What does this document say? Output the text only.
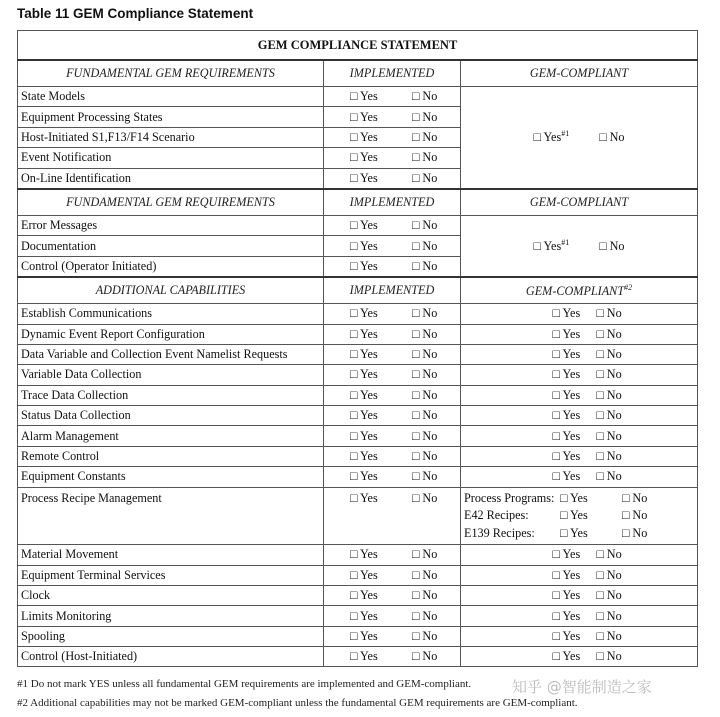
Table 11 GEM Compliance Statement
GEM COMPLIANCE STATEMENT		
FUNDAMENTAL GEM REQUIREMENTS	IMPLEMENTED	GEM-COMPLIANT
State Models	□ Yes □ No	□ Yes$^{\#1}$ □ No
Equipment Processing States	□ Yes □ No	
Host-Initiated S1,F13/F14 Scenario	□ Yes □ No	
Event Notification	□ Yes □ No	
On-Line Identification	□ Yes □ No	
FUNDAMENTAL GEM REQUIREMENTS	IMPLEMENTED	GEM-COMPLIANT
Error Messages	□ Yes □ No	□ Yes$^{\#1}$ □ No
Documentation	□ Yes □ No	
Control (Operator Initiated)	□ Yes □ No	
ADDITIONAL CAPABILITIES	IMPLEMENTED	GEM-COMPLIANT$^{\#2}$
Establish Communications	□ Yes □ No	□ Yes □ No
Dynamic Event Report Configuration	□ Yes □ No	□ Yes □ No
Data Variable and Collection Event Namelist Requests	□ Yes □ No	□ Yes □ No
Variable Data Collection	□ Yes □ No	□ Yes □ No
Trace Data Collection	□ Yes □ No	□ Yes □ No
Status Data Collection	□ Yes □ No	□ Yes □ No
Alarm Management	□ Yes □ No	□ Yes □ No
Remote Control	□ Yes □ No	□ Yes □ No
Equipment Constants	□ Yes □ No	□ Yes □ No
Process Recipe Management	□ Yes □ No	Process Programs: □ Yes □ No
E42 Recipes: □ Yes □ No
E139 Recipes: □ Yes □ No

Material Movement	□ Yes □ No	□ Yes □ No
Equipment Terminal Services	□ Yes □ No	□ Yes □ No
Clock	□ Yes □ No	□ Yes □ No
Limits Monitoring	□ Yes □ No	□ Yes □ No
Spooling	□ Yes □ No	□ Yes □ No
Control (Host-Initiated)	□ Yes □ No	□ Yes □ No
#1 Do not mark YES unless all fundamental GEM requirements are implemented and GEM-compliant.
#2 Additional capabilities may not be marked GEM-compliant unless the fundamental GEM requirements are GEM-compliant.
知乎 @智能制造之家
